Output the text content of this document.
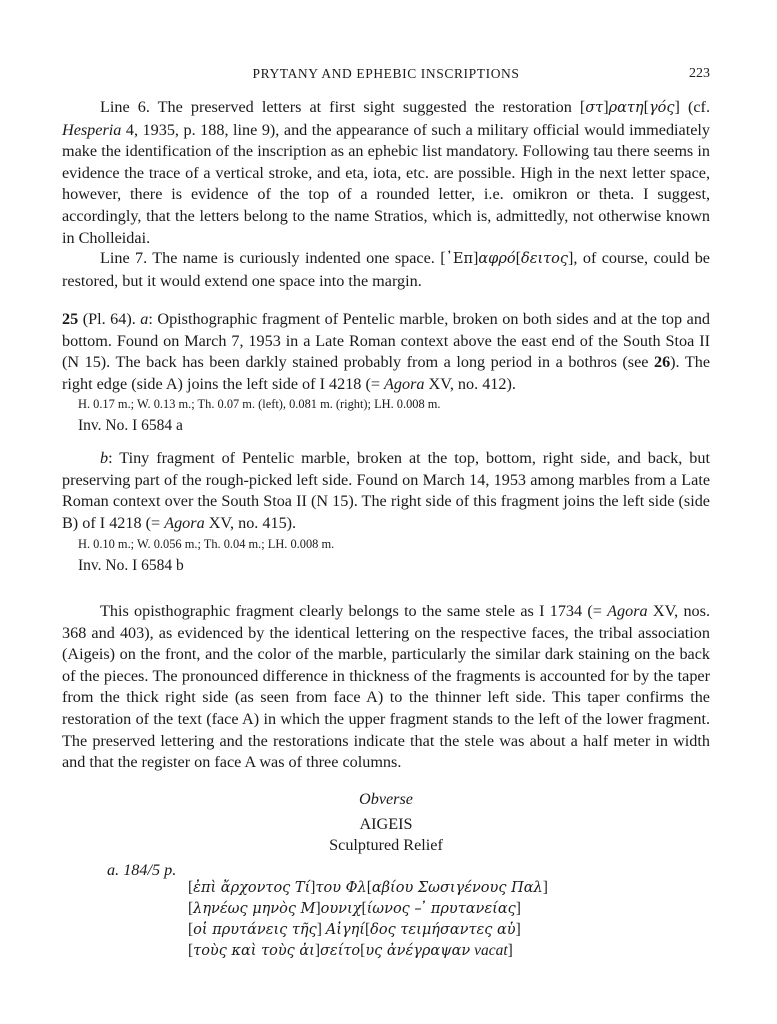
PRYTANY AND EPHEBIC INSCRIPTIONS	223

Line 6. The preserved letters at first sight suggested the restoration [στ]ρατη[γός] (cf. Hesperia 4, 1935, p. 188, line 9), and the appearance of such a military official would immediately make the identification of the inscription as an ephebic list mandatory. Following tau there seems in evidence the trace of a vertical stroke, and eta, iota, etc. are possible. High in the next letter space, however, there is evidence of the top of a rounded letter, i.e. omikron or theta. I suggest, accordingly, that the letters belong to the name Stratios, which is, admittedly, not otherwise known in Cholleidai.

Line 7. The name is curiously indented one space. [᾽Επ]αφρό[δειτος], of course, could be restored, but it would extend one space into the margin.

25 (Pl. 64). a: Opisthographic fragment of Pentelic marble, broken on both sides and at the top and bottom. Found on March 7, 1953 in a Late Roman context above the east end of the South Stoa II (N 15). The back has been darkly stained probably from a long period in a bothros (see 26). The right edge (side A) joins the left side of I 4218 (= Agora XV, no. 412).

H. 0.17 m.; W. 0.13 m.; Th. 0.07 m. (left), 0.081 m. (right); LH. 0.008 m.
Inv. No. I 6584 a

b: Tiny fragment of Pentelic marble, broken at the top, bottom, right side, and back, but preserving part of the rough-picked left side. Found on March 14, 1953 among marbles from a Late Roman context over the South Stoa II (N 15). The right side of this fragment joins the left side (side B) of I 4218 (= Agora XV, no. 415).

H. 0.10 m.; W. 0.056 m.; Th. 0.04 m.; LH. 0.008 m.
Inv. No. I 6584 b

This opisthographic fragment clearly belongs to the same stele as I 1734 (= Agora XV, nos. 368 and 403), as evidenced by the identical lettering on the respective faces, the tribal association (Aigeis) on the front, and the color of the marble, particularly the similar dark staining on the back of the pieces. The pronounced difference in thickness of the fragments is accounted for by the taper from the thick right side (as seen from face A) to the thinner left side. This taper confirms the restoration of the text (face A) in which the upper fragment stands to the left of the lower fragment. The preserved lettering and the restorations indicate that the stele was about a half meter in width and that the register on face A was of three columns.

Obverse
AIGEIS
Sculptured Relief
a. 184/5 p.
[ἐπὶ ἄρχοντος Τί]του Φλ[αβίου Σωσιγένους Παλ]
[ληνέως μηνὸς Μ]ουνιχ[ίωνος – ̓ πρυτανείας]
[οἱ πρυτάνεις τῆς] Αἰγηί[δος τειμήσαντες αὑ]
[τοὺς καὶ τοὺς ἀι]σείτο[υς ἀνέγραψαν vacat]
